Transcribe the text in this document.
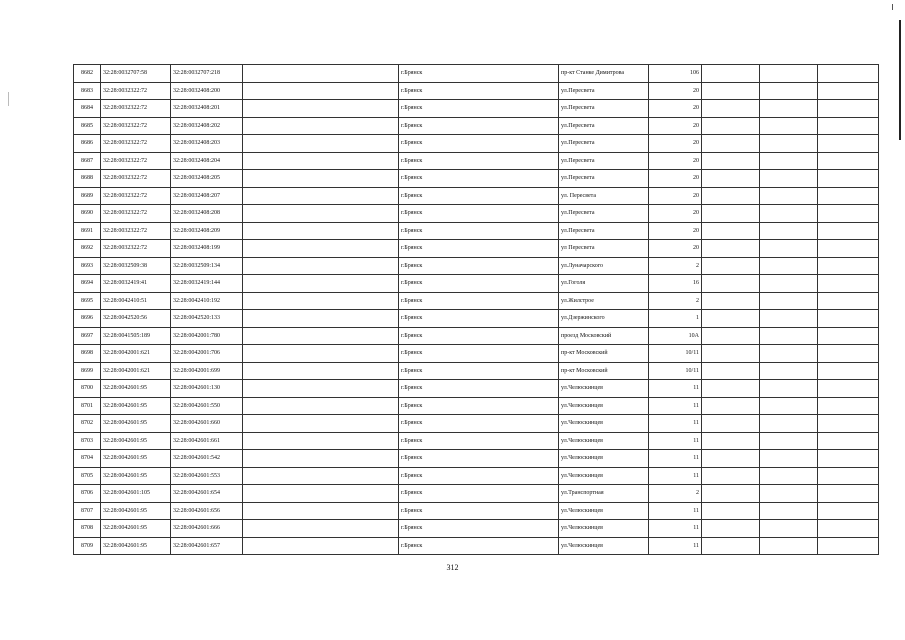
8682	32:28:0032707:58	32:28:0032707:218		г.Брянск	пр-кт Станке Димитрова	106			
8683	32:28:0032322:72	32:28:0032408:200		г.Брянск	ул.Пересвета	20			
8684	32:28:0032322:72	32:28:0032408:201		г.Брянск	ул.Пересвета	20			
8685	32:28:0032322:72	32:28:0032408:202		г.Брянск	ул.Пересвета	20			
8686	32:28:0032322:72	32:28:0032408:203		г.Брянск	ул.Пересвета	20			
8687	32:28:0032322:72	32:28:0032408:204		г.Брянск	ул.Пересвета	20			
8688	32:28:0032322:72	32:28:0032408:205		г.Брянск	ул.Пересвета	20			
8689	32:28:0032322:72	32:28:0032408:207		г.Брянск	ул. Пересвета	20			
8690	32:28:0032322:72	32:28:0032408:208		г.Брянск	ул.Пересвета	20			
8691	32:28:0032322:72	32:28:0032408:209		г.Брянск	ул.Пересвета	20			
8692	32:28:0032322:72	32:28:0032408:199		г.Брянск	ул Пересвета	20			
8693	32:28:0032509:38	32:28:0032509:134		г.Брянск	ул.Луначарского	2			
8694	32:28:0032419:41	32:28:0032419:144		г.Брянск	ул.Гоголя	16			
8695	32:28:0042410:51	32:28:0042410:192		г.Брянск	ул.Жилстрое	2			
8696	32:28:0042520:56	32:28:0042520:133		г.Брянск	ул.Дзержинского	1			
8697	32:28:0041505:189	32:28:0042001:780		г.Брянск	проезд Московский	10А			
8698	32:28:0042001:621	32:28:0042001:706		г.Брянск	пр-кт Московский	10/11			
8699	32:28:0042001:621	32:28:0042001:699		г.Брянск	пр-кт Московский	10/11			
8700	32:28:0042601:95	32:28:0042601:130		г.Брянск	ул.Челюскинцев	11			
8701	32:28:0042601:95	32:28:0042601:550		г.Брянск	ул.Челюскинцев	11			
8702	32:28:0042601:95	32:28:0042601:660		г.Брянск	ул.Челюскинцев	11			
8703	32:28:0042601:95	32:28:0042601:661		г.Брянск	ул.Челюскинцев	11			
8704	32:28:0042601:95	32:28:0042601:542		г.Брянск	ул.Челюскинцев	11			
8705	32:28:0042601:95	32:28:0042601:553		г.Брянск	ул.Челюскинцев	11			
8706	32:28:0042601:105	32:28:0042601:654		г.Брянск	ул.Транспортная	2			
8707	32:28:0042601:95	32:28:0042601:656		г.Брянск	ул.Челюскинцев	11			
8708	32:28:0042601:95	32:28:0042601:666		г.Брянск	ул.Челюскинцев	11			
8709	32:28:0042601:95	32:28:0042601:657		г.Брянск	ул.Челюскинцев	11			
312
